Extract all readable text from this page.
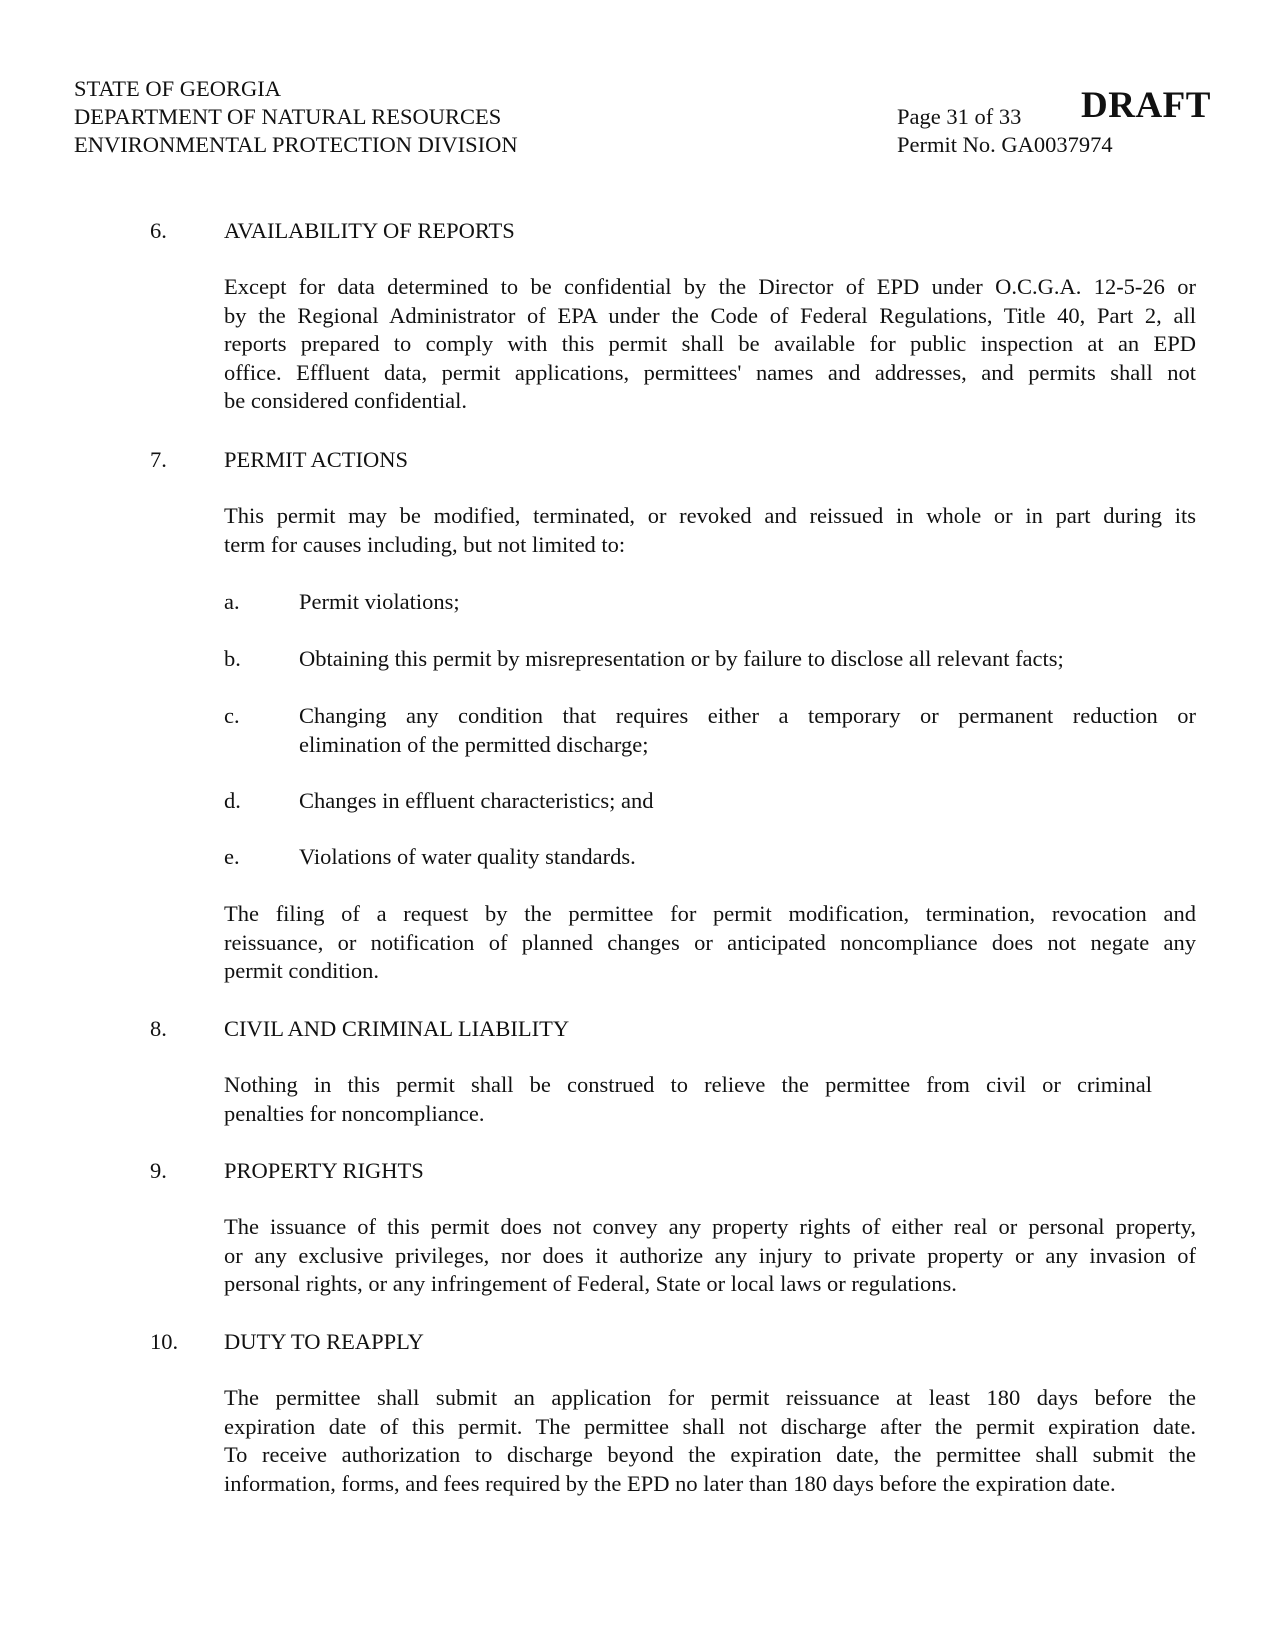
STATE OF GEORGIA
DEPARTMENT OF NATURAL RESOURCES
ENVIRONMENTAL PROTECTION DIVISION
Page 31 of 33
Permit No. GA0037974
DRAFT
6.	AVAILABILITY OF REPORTS
Except for data determined to be confidential by the Director of EPD under O.C.G.A. 12-5-26 or
by the Regional Administrator of EPA under the Code of Federal Regulations, Title 40, Part 2, all
reports prepared to comply with this permit shall be available for public inspection at an EPD
office. Effluent data, permit applications, permittees' names and addresses, and permits shall not
be considered confidential.
7.	PERMIT ACTIONS
This permit may be modified, terminated, or revoked and reissued in whole or in part during its
term for causes including, but not limited to:
a.	Permit violations;
b.	Obtaining this permit by misrepresentation or by failure to disclose all relevant facts;
c.	Changing any condition that requires either a temporary or permanent reduction or
elimination of the permitted discharge;
d.	Changes in effluent characteristics; and
e.	Violations of water quality standards.
The filing of a request by the permittee for permit modification, termination, revocation and
reissuance, or notification of planned changes or anticipated noncompliance does not negate any
permit condition.
8.	CIVIL AND CRIMINAL LIABILITY
Nothing in this permit shall be construed to relieve the permittee from civil or criminal
penalties for noncompliance.
9.	PROPERTY RIGHTS
The issuance of this permit does not convey any property rights of either real or personal property,
or any exclusive privileges, nor does it authorize any injury to private property or any invasion of
personal rights, or any infringement of Federal, State or local laws or regulations.
10. DUTY TO REAPPLY
The permittee shall submit an application for permit reissuance at least 180 days before the
expiration date of this permit. The permittee shall not discharge after the permit expiration date.
To receive authorization to discharge beyond the expiration date, the permittee shall submit the
information, forms, and fees required by the EPD no later than 180 days before the expiration date.
